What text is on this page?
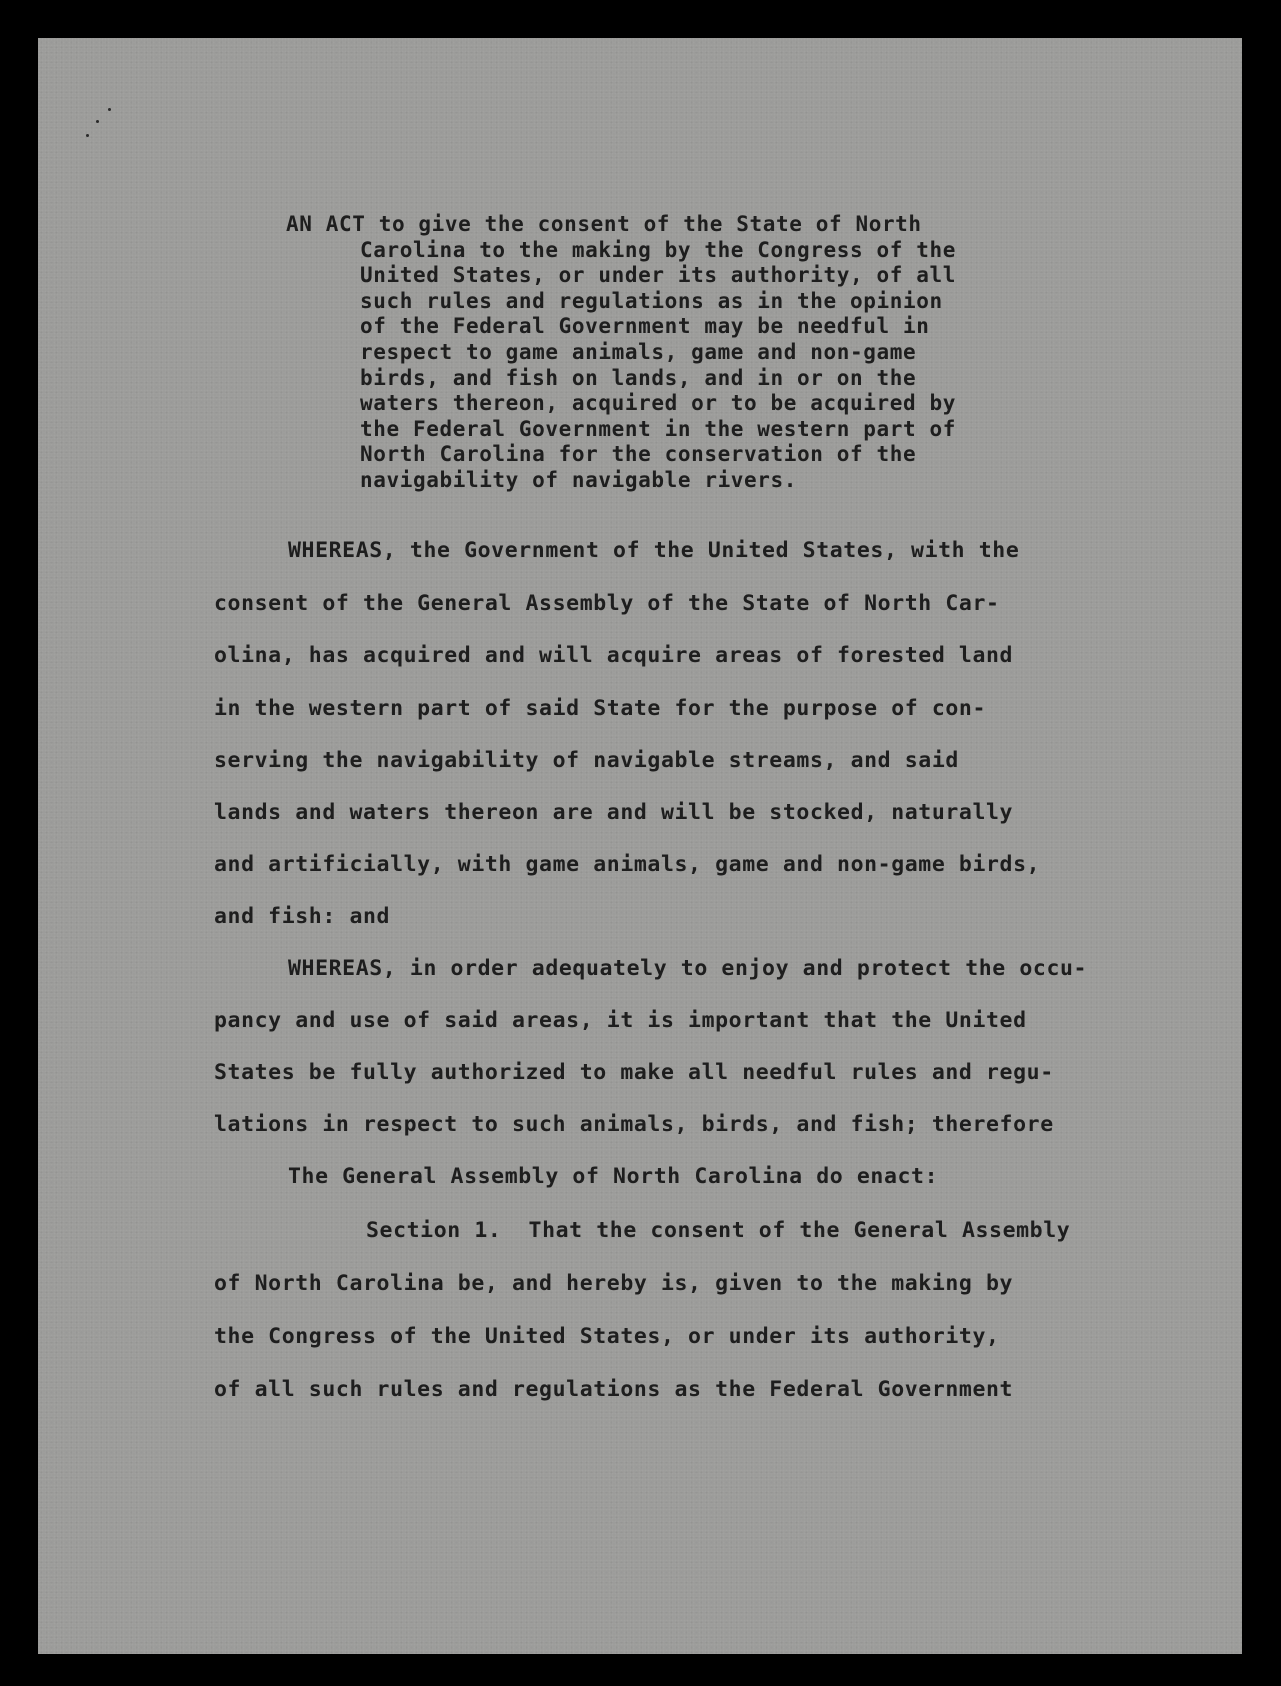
AN ACT to give the consent of the State of North
Carolina to the making by the Congress of the
United States, or under its authority, of all
such rules and regulations as in the opinion
of the Federal Government may be needful in
respect to game animals, game and non-game
birds, and fish on lands, and in or on the
waters thereon, acquired or to be acquired by
the Federal Government in the western part of
North Carolina for the conservation of the
navigability of navigable rivers.
WHEREAS, the Government of the United States, with the
consent of the General Assembly of the State of North Car-
olina, has acquired and will acquire areas of forested land
in the western part of said State for the purpose of con-
serving the navigability of navigable streams, and said
lands and waters thereon are and will be stocked, naturally
and artificially, with game animals, game and non-game birds,
and fish: and
WHEREAS, in order adequately to enjoy and protect the occu-
pancy and use of said areas, it is important that the United
States be fully authorized to make all needful rules and regu-
lations in respect to such animals, birds, and fish; therefore
The General Assembly of North Carolina do enact:
Section 1.  That the consent of the General Assembly
of North Carolina be, and hereby is, given to the making by
the Congress of the United States, or under its authority,
of all such rules and regulations as the Federal Government
